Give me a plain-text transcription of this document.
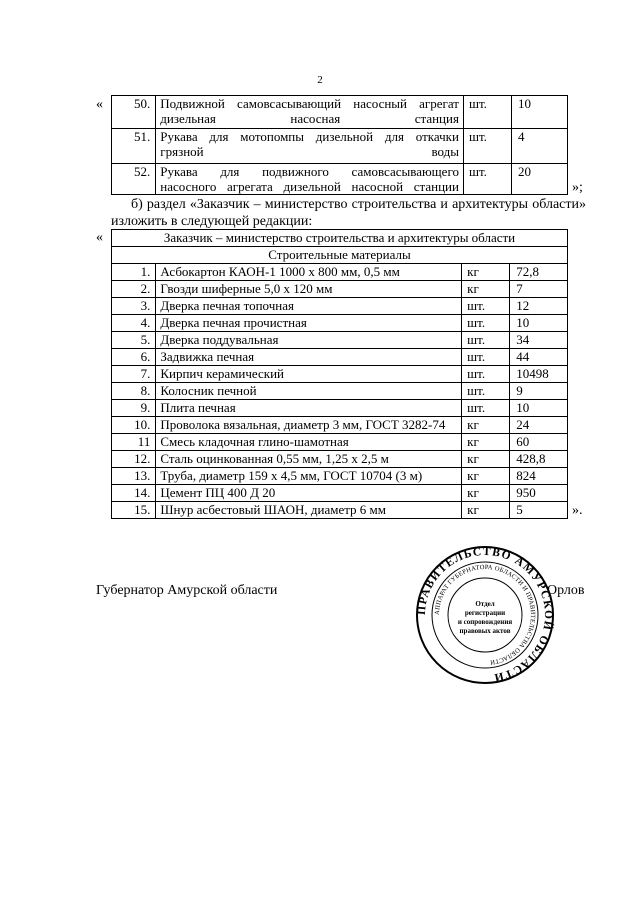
2
« 50.	Подвижной самовсасывающий насосный агрегат дизельная насосная станция	шт.	10
51.	Рукава для мотопомпы дизельной для откачки грязной воды	шт.	4
52.	Рукава для подвижного самовсасывающего насосного агрегата дизельной насосной станции	шт.	20
»;
б) раздел «Заказчик – министерство строительства и архитектуры области» изложить в следующей редакции:
«	Заказчик – министерство строительства и архитектуры области			
Строительные материалы			
1.	Асбокартон КАОН-1 1000 х 800 мм, 0,5 мм	кг	72,8
2.	Гвозди шиферные 5,0 х 120 мм	кг	7
3.	Дверка печная топочная	шт.	12
4.	Дверка печная прочистная	шт.	10
5.	Дверка поддувальная	шт.	34
6.	Задвижка печная	шт.	44
7.	Кирпич керамический	шт.	10498
8.	Колосник печной	шт.	9
9.	Плита печная	шт.	10
10.	Проволока вязальная, диаметр 3 мм, ГОСТ 3282-74	кг	24
11	Смесь кладочная глино-шамотная	кг	60
12.	Сталь оцинкованная 0,55 мм, 1,25 х 2,5 м	кг	428,8
13.	Труба, диаметр 159 х 4,5 мм, ГОСТ 10704 (3 м)	кг	824
14.	Цемент ПЦ 400 Д 20	кг	950
15.	Шнур асбестовый ШАОН, диаметр 6 мм	кг	5	».
Губернатор Амурской области	Орлов
ПРАВИТЕЛЬСТВО АМУРСКОЙ ОБЛАСТИ
АППАРАТ ГУБЕРНАТОРА ОБЛАСТИ И ПРАВИТЕЛЬСТВА ОБЛАСТИ
Отдел
регистрации
и сопровождения
правовых актов
